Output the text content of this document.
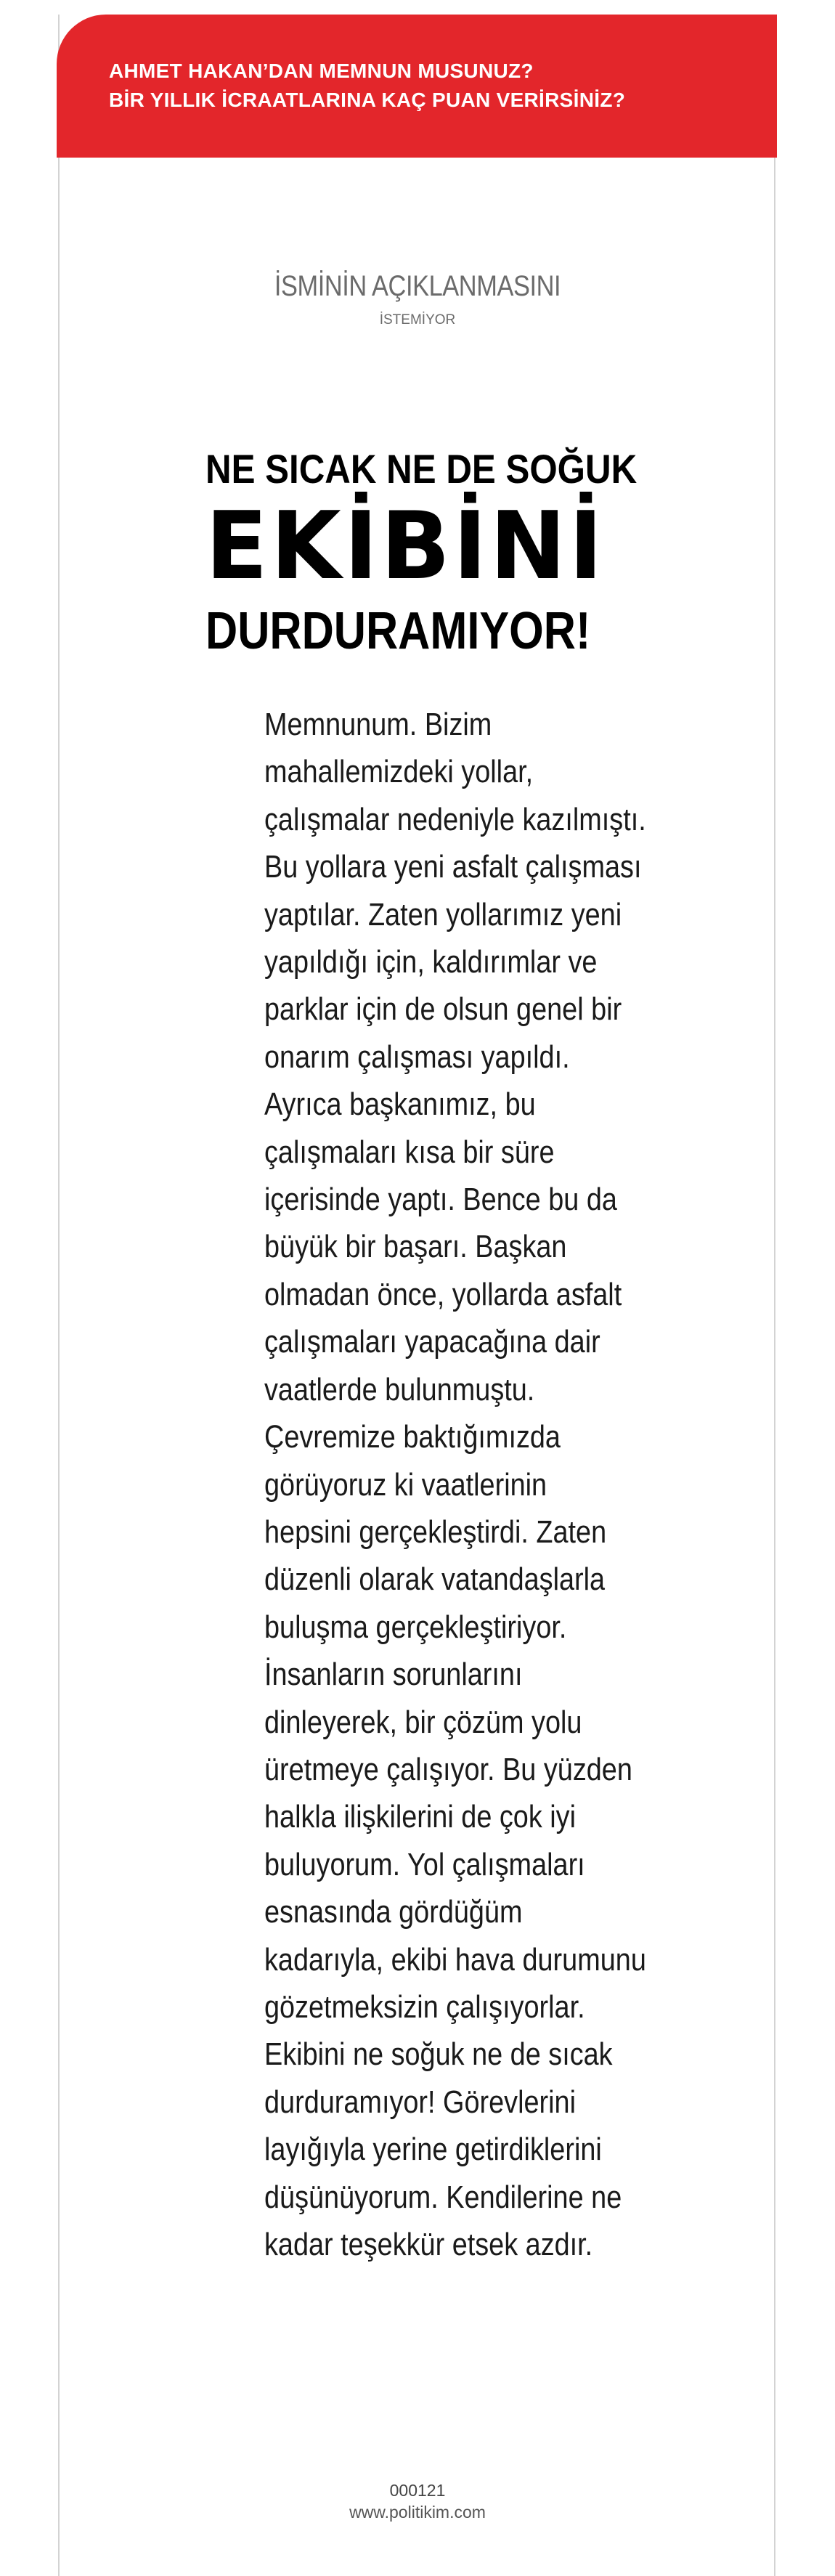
AHMET HAKAN’DAN MEMNUN MUSUNUZ?
BİR YILLIK İCRAATLARINA KAÇ PUAN VERİRSİNİZ?
İSMİNİN AÇIKLANMASINI
İSTEMİYOR
NE SICAK NE DE SOĞUK
EKİBİNİ
DURDURAMIYOR!
Memnunum. Bizim
mahallemizdeki yollar,
çalışmalar nedeniyle kazılmıştı.
Bu yollara yeni asfalt çalışması
yaptılar. Zaten yollarımız yeni
yapıldığı için, kaldırımlar ve
parklar için de olsun genel bir
onarım çalışması yapıldı.
Ayrıca başkanımız, bu
çalışmaları kısa bir süre
içerisinde yaptı. Bence bu da
büyük bir başarı. Başkan
olmadan önce, yollarda asfalt
çalışmaları yapacağına dair
vaatlerde bulunmuştu.
Çevremize baktığımızda
görüyoruz ki vaatlerinin
hepsini gerçekleştirdi. Zaten
düzenli olarak vatandaşlarla
buluşma gerçekleştiriyor.
İnsanların sorunlarını
dinleyerek, bir çözüm yolu
üretmeye çalışıyor. Bu yüzden
halkla ilişkilerini de çok iyi
buluyorum. Yol çalışmaları
esnasında gördüğüm
kadarıyla, ekibi hava durumunu
gözetmeksizin çalışıyorlar.
Ekibini ne soğuk ne de sıcak
durduramıyor! Görevlerini
layığıyla yerine getirdiklerini
düşünüyorum. Kendilerine ne
kadar teşekkür etsek azdır.
000121
www.politikim.com
